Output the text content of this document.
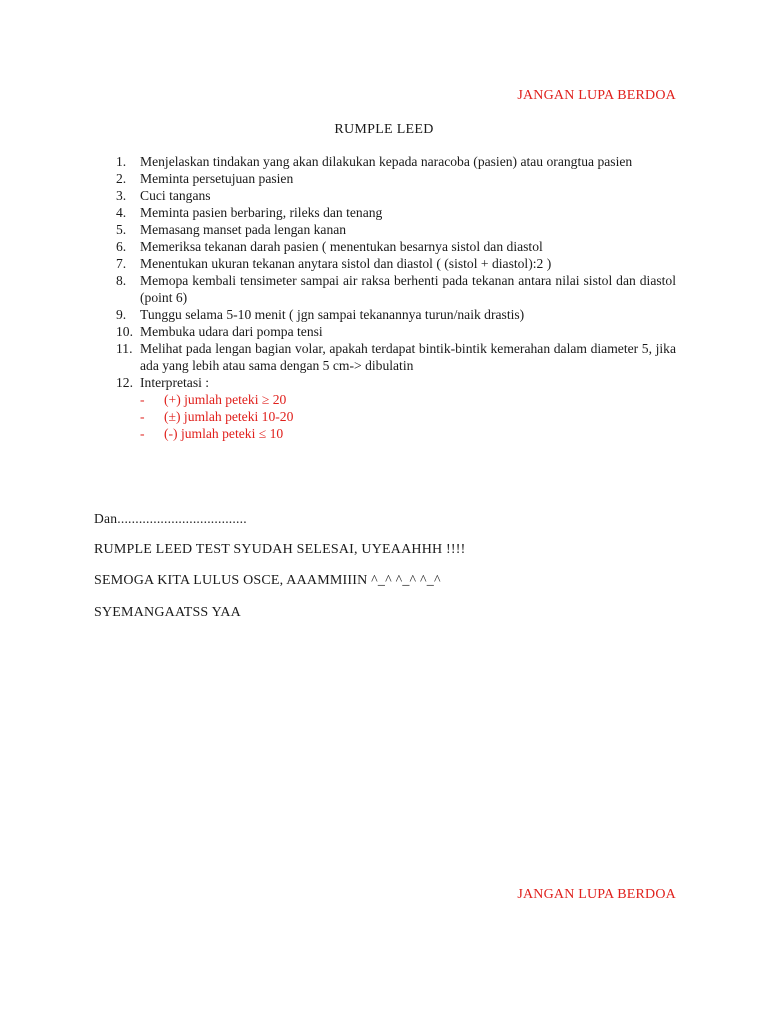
JANGAN LUPA BERDOA
RUMPLE LEED
1.	Menjelaskan tindakan yang akan dilakukan kepada naracoba (pasien) atau orangtua pasien
2.	Meminta persetujuan pasien
3.	Cuci tangans
4.	Meminta pasien berbaring, rileks dan tenang
5.	Memasang manset pada lengan kanan
6.	Memeriksa tekanan darah pasien ( menentukan besarnya sistol dan diastol
7.	Menentukan ukuran tekanan anytara sistol dan diastol ( (sistol + diastol):2 )
8.	Memopa kembali tensimeter sampai air raksa berhenti pada tekanan antara nilai sistol dan diastol (point 6)
9.	Tunggu selama 5-10 menit ( jgn sampai tekanannya turun/naik drastis)
10. Membuka udara dari pompa tensi
11. Melihat pada lengan bagian volar, apakah terdapat bintik-bintik kemerahan dalam diameter 5, jika ada yang lebih atau sama dengan 5 cm-> dibulatin
12. Interpretasi :
- (+) jumlah peteki ≥ 20
- (±) jumlah peteki 10-20
- (-) jumlah peteki ≤ 10
Dan....................................
RUMPLE LEED TEST SYUDAH SELESAI, UYEAAHHH !!!!
SEMOGA KITA LULUS OSCE, AAAMMIIIN ^_^ ^_^ ^_^
SYEMANGAATSS YAA
JANGAN LUPA BERDOA
